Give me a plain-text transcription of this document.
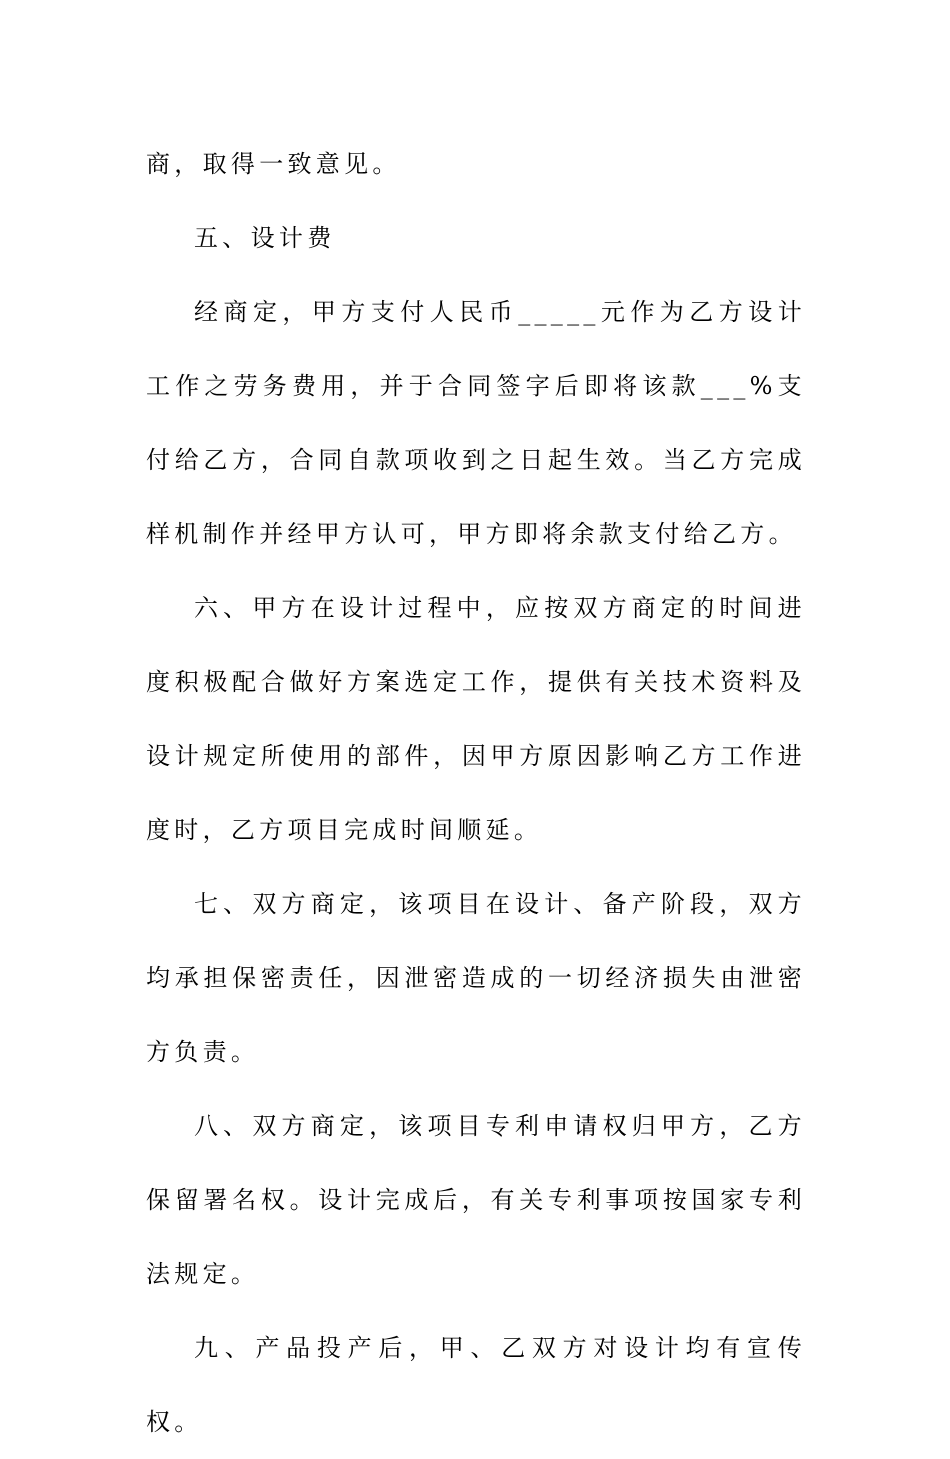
商，取得一致意见。

五、设计费

经商定，甲方支付人民币_____元作为乙方设计工作之劳务费用，并于合同签字后即将该款___%支付给乙方，合同自款项收到之日起生效。当乙方完成样机制作并经甲方认可，甲方即将余款支付给乙方。

六、甲方在设计过程中，应按双方商定的时间进度积极配合做好方案选定工作，提供有关技术资料及设计规定所使用的部件，因甲方原因影响乙方工作进度时，乙方项目完成时间顺延。

七、双方商定，该项目在设计、备产阶段，双方均承担保密责任，因泄密造成的一切经济损失由泄密方负责。

八、双方商定，该项目专利申请权归甲方，乙方保留署名权。设计完成后，有关专利事项按国家专利法规定。

九、产品投产后，甲、乙双方对设计均有宣传权。
